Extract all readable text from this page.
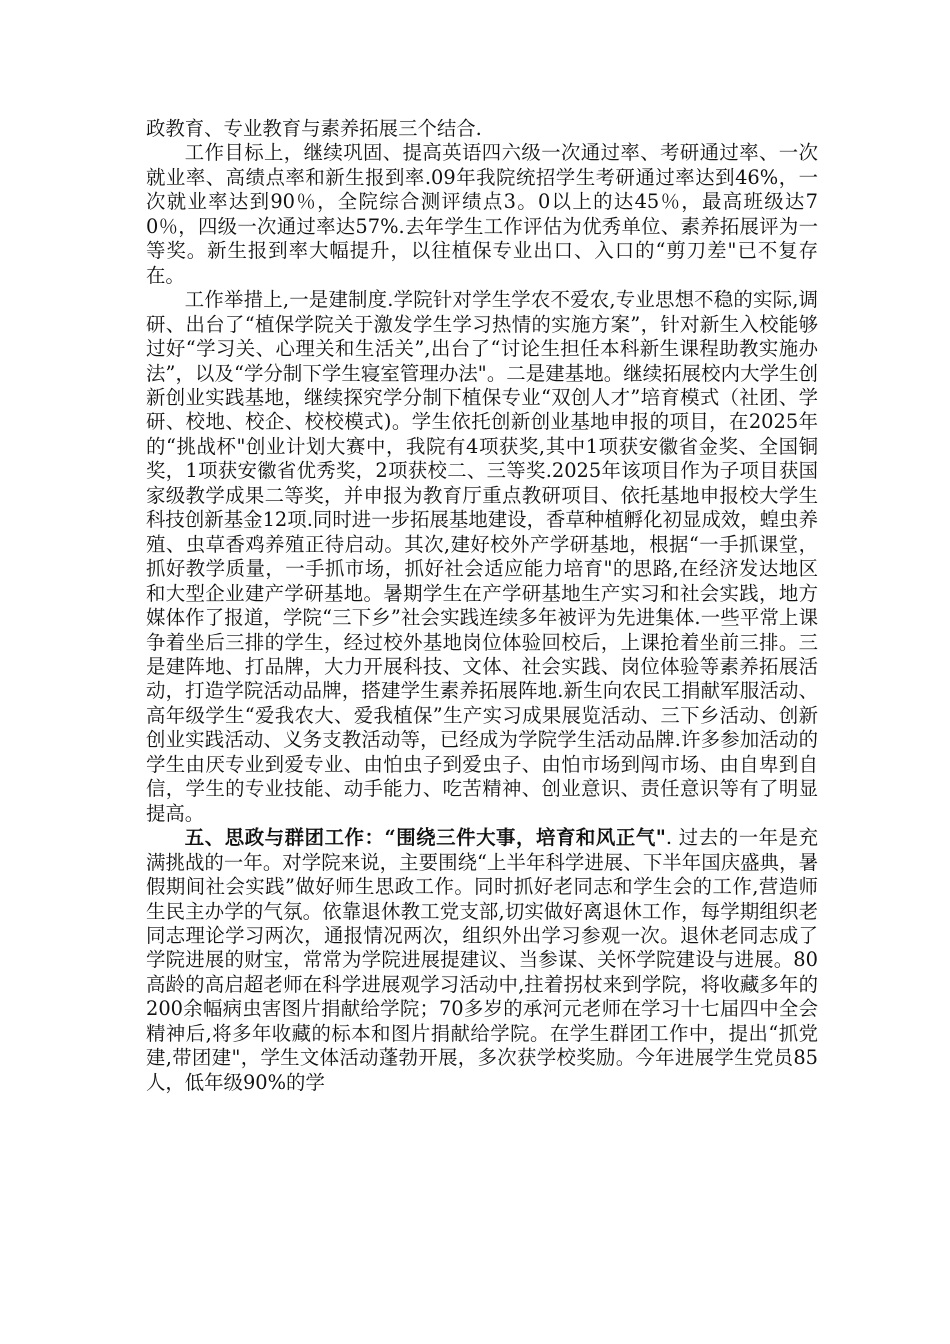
政教育、专业教育与素养拓展三个结合.

工作目标上，继续巩固、提高英语四六级一次通过率、考研通过率、一次就业率、高绩点率和新生报到率.09年我院统招学生考研通过率达到46%，一次就业率达到90％，全院综合测评绩点3。0以上的达45％，最高班级达70％，四级一次通过率达57%.去年学生工作评估为优秀单位、素养拓展评为一等奖。新生报到率大幅提升，以往植保专业出口、入口的“剪刀差"已不复存在。

工作举措上,一是建制度.学院针对学生学农不爱农,专业思想不稳的实际,调研、出台了“植保学院关于激发学生学习热情的实施方案”，针对新生入校能够过好“学习关、心理关和生活关”,出台了“讨论生担任本科新生课程助教实施办法”，以及“学分制下学生寝室管理办法"。二是建基地。继续拓展校内大学生创新创业实践基地，继续探究学分制下植保专业“双创人才”培育模式（社团、学研、校地、校企、校校模式)。学生依托创新创业基地申报的项目，在2025年的“挑战杯"创业计划大赛中，我院有4项获奖,其中1项获安徽省金奖、全国铜奖，1项获安徽省优秀奖，2项获校二、三等奖.2025年该项目作为子项目获国家级教学成果二等奖，并申报为教育厅重点教研项目、依托基地申报校大学生科技创新基金12项.同时进一步拓展基地建设，香草种植孵化初显成效，蝗虫养殖、虫草香鸡养殖正待启动。其次,建好校外产学研基地，根据“一手抓课堂，抓好教学质量，一手抓市场，抓好社会适应能力培育"的思路,在经济发达地区和大型企业建产学研基地。暑期学生在产学研基地生产实习和社会实践，地方媒体作了报道，学院“三下乡”社会实践连续多年被评为先进集体.一些平常上课争着坐后三排的学生，经过校外基地岗位体验回校后，上课抢着坐前三排。三是建阵地、打品牌，大力开展科技、文体、社会实践、岗位体验等素养拓展活动，打造学院活动品牌，搭建学生素养拓展阵地.新生向农民工捐献军服活动、高年级学生“爱我农大、爱我植保”生产实习成果展览活动、三下乡活动、创新创业实践活动、义务支教活动等，已经成为学院学生活动品牌.许多参加活动的学生由厌专业到爱专业、由怕虫子到爱虫子、由怕市场到闯市场、由自卑到自信，学生的专业技能、动手能力、吃苦精神、创业意识、责任意识等有了明显提高。

五、思政与群团工作：“围绕三件大事，培育和风正气". 过去的一年是充满挑战的一年。对学院来说，主要围绕“上半年科学进展、下半年国庆盛典，暑假期间社会实践”做好师生思政工作。同时抓好老同志和学生会的工作,营造师生民主办学的气氛。依靠退休教工党支部,切实做好离退休工作，每学期组织老同志理论学习两次，通报情况两次，组织外出学习参观一次。退休老同志成了学院进展的财宝，常常为学院进展提建议、当参谋、关怀学院建设与进展。80高龄的高启超老师在科学进展观学习活动中,拄着拐杖来到学院，将收藏多年的200余幅病虫害图片捐献给学院；70多岁的承河元老师在学习十七届四中全会精神后,将多年收藏的标本和图片捐献给学院。在学生群团工作中，提出“抓党建,带团建"，学生文体活动蓬勃开展，多次获学校奖励。今年进展学生党员85人，低年级90%的学
